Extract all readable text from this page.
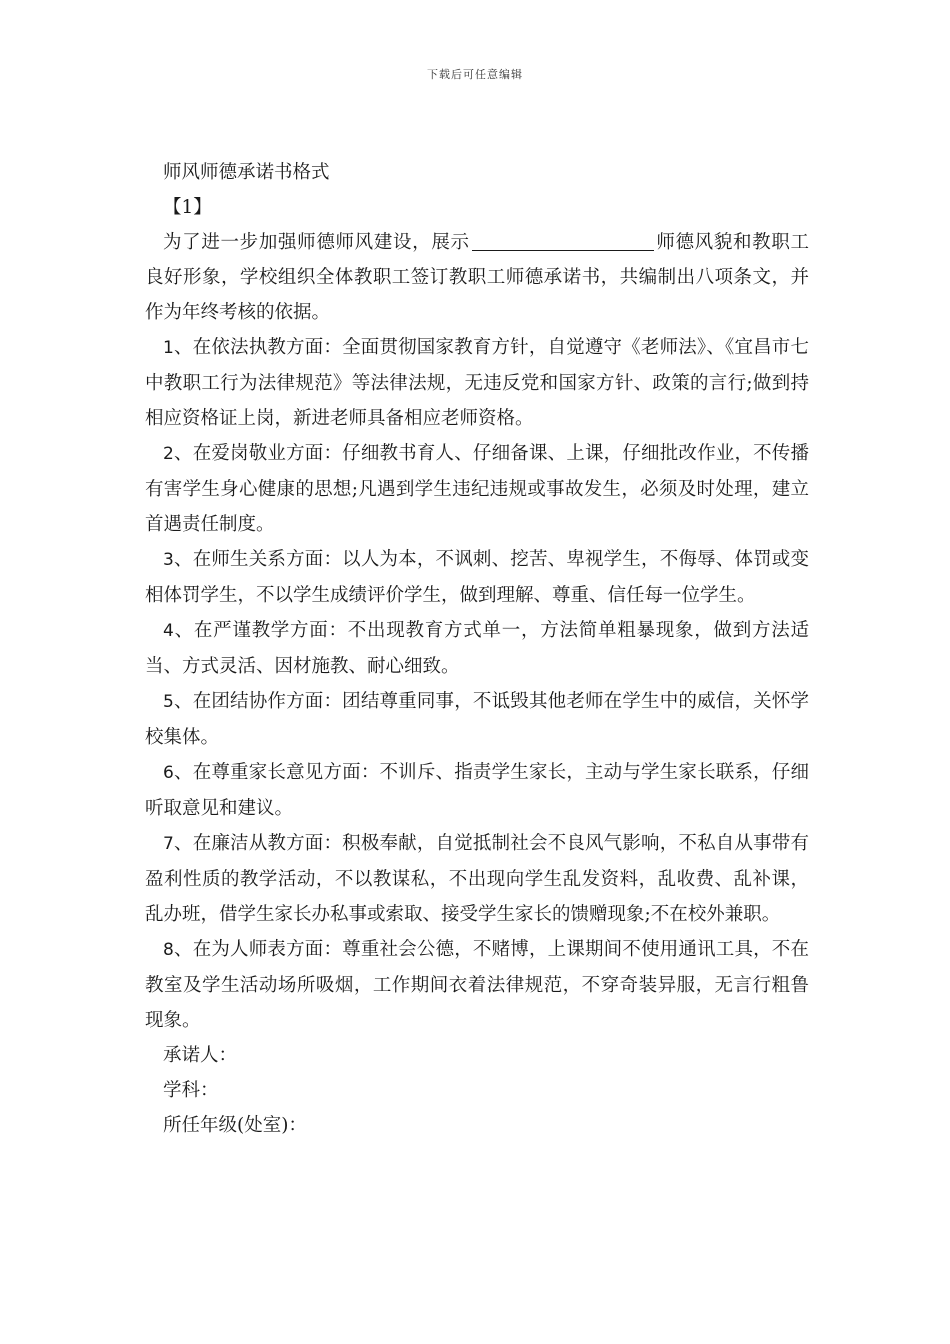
下载后可任意编辑

师风师德承诺书格式

【1】

为了进一步加强师德师风建设，展示	师德风貌和教职工良好形象，学校组织全体教职工签订教职工师德承诺书，共编制出八项条文，并作为年终考核的依据。

1、在依法执教方面：全面贯彻国家教育方针，自觉遵守《老师法》、《宜昌市七中教职工行为法律规范》等法律法规，无违反党和国家方针、政策的言行;做到持相应资格证上岗，新进老师具备相应老师资格。

2、在爱岗敬业方面：仔细教书育人、仔细备课、上课，仔细批改作业，不传播有害学生身心健康的思想;凡遇到学生违纪违规或事故发生，必须及时处理，建立首遇责任制度。

3、在师生关系方面：以人为本，不讽刺、挖苦、卑视学生，不侮辱、体罚或变相体罚学生，不以学生成绩评价学生，做到理解、尊重、信任每一位学生。

4、在严谨教学方面：不出现教育方式单一，方法简单粗暴现象，做到方法适当、方式灵活、因材施教、耐心细致。

5、在团结协作方面：团结尊重同事，不诋毁其他老师在学生中的威信，关怀学校集体。

6、在尊重家长意见方面：不训斥、指责学生家长，主动与学生家长联系，仔细听取意见和建议。

7、在廉洁从教方面：积极奉献，自觉抵制社会不良风气影响，不私自从事带有盈利性质的教学活动，不以教谋私，不出现向学生乱发资料，乱收费、乱补课，乱办班，借学生家长办私事或索取、接受学生家长的馈赠现象;不在校外兼职。

8、在为人师表方面：尊重社会公德，不赌博，上课期间不使用通讯工具，不在教室及学生活动场所吸烟，工作期间衣着法律规范，不穿奇装异服，无言行粗鲁现象。

承诺人：

学科：

所任年级(处室)：
